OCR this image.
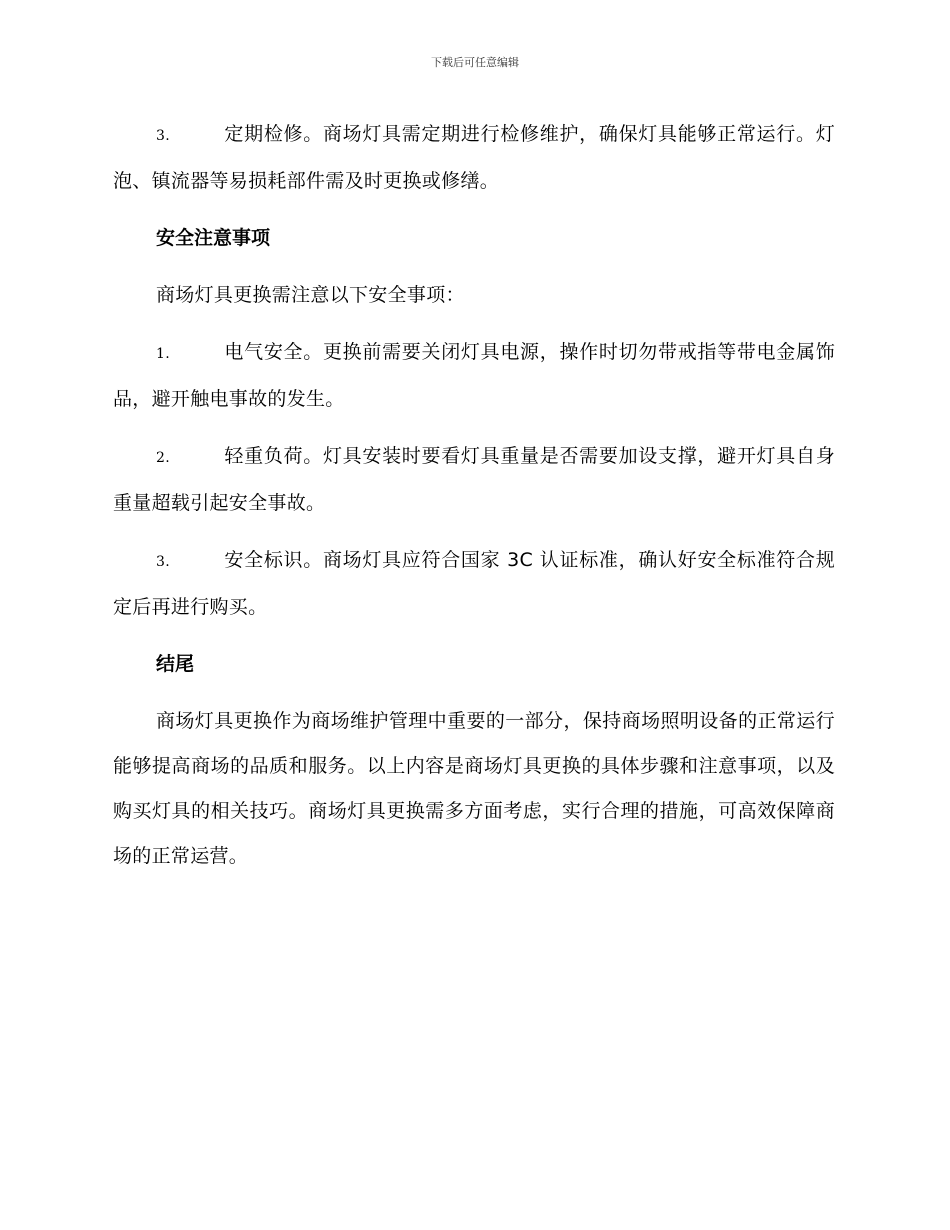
下载后可任意编辑

3.	定期检修。商场灯具需定期进行检修维护，确保灯具能够正常运行。灯泡、镇流器等易损耗部件需及时更换或修缮。

安全注意事项

商场灯具更换需注意以下安全事项：

1.	电气安全。更换前需要关闭灯具电源，操作时切勿带戒指等带电金属饰品，避开触电事故的发生。

2.	轻重负荷。灯具安装时要看灯具重量是否需要加设支撑，避开灯具自身重量超载引起安全事故。

3.	安全标识。商场灯具应符合国家 3C 认证标准，确认好安全标准符合规定后再进行购买。

结尾

商场灯具更换作为商场维护管理中重要的一部分，保持商场照明设备的正常运行能够提高商场的品质和服务。以上内容是商场灯具更换的具体步骤和注意事项，以及购买灯具的相关技巧。商场灯具更换需多方面考虑，实行合理的措施，可高效保障商场的正常运营。
